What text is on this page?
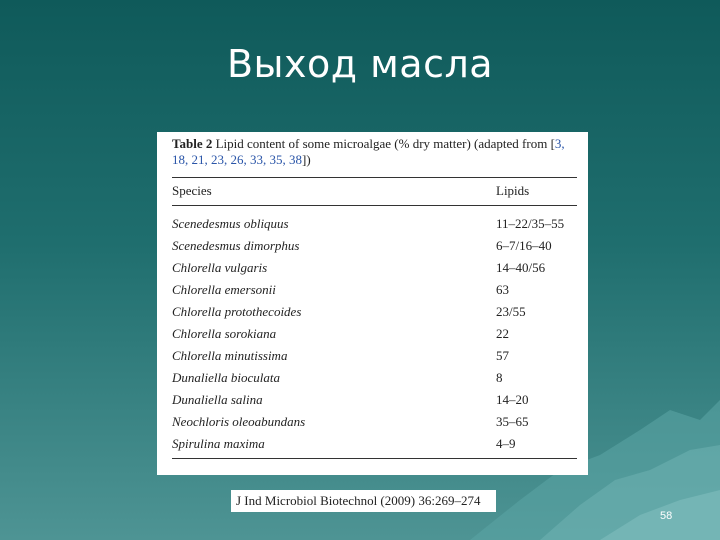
Выход масла
Table 2 Lipid content of some microalgae (% dry matter) (adapted from [3, 18, 21, 23, 26, 33, 35, 38])
Species	Lipids
Scenedesmus obliquus	11–22/35–55
Scenedesmus dimorphus	6–7/16–40
Chlorella vulgaris	14–40/56
Chlorella emersonii	63
Chlorella protothecoides	23/55
Chlorella sorokiana	22
Chlorella minutissima	57
Dunaliella bioculata	8
Dunaliella salina	14–20
Neochloris oleoabundans	35–65
Spirulina maxima	4–9
J Ind Microbiol Biotechnol (2009) 36:269–274
58
